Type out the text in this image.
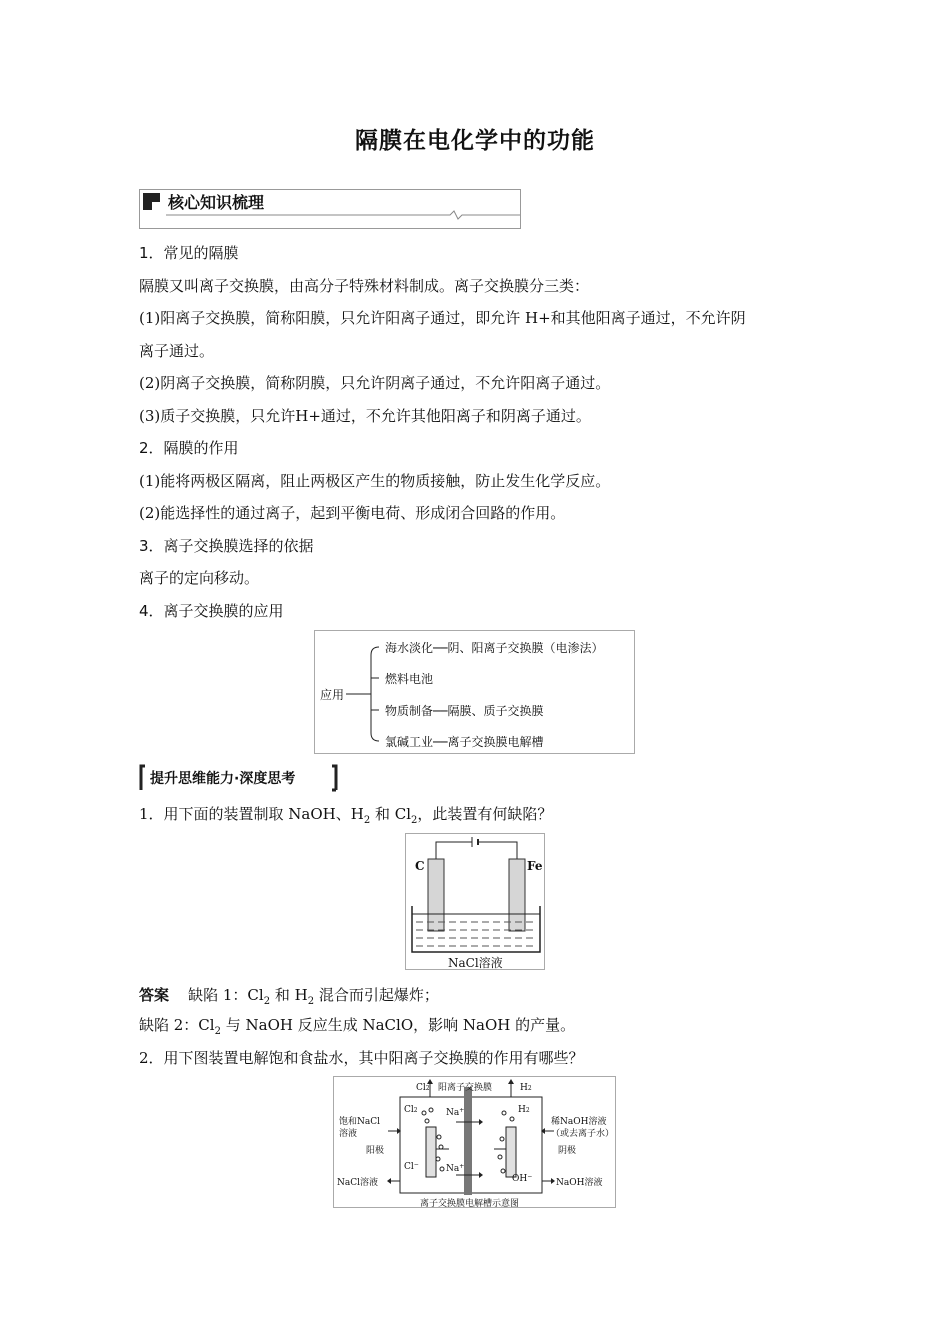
隔膜在电化学中的功能
核心知识梳理
1．常见的隔膜
隔膜又叫离子交换膜，由高分子特殊材料制成。离子交换膜分三类：
(1)阳离子交换膜，简称阳膜，只允许阳离子通过，即允许 H+和其他阳离子通过，不允许阴
离子通过。
(2)阴离子交换膜，简称阴膜，只允许阴离子通过，不允许阳离子通过。
(3)质子交换膜，只允许H+通过，不允许其他阳离子和阴离子通过。
2．隔膜的作用
(1)能将两极区隔离，阻止两极区产生的物质接触，防止发生化学反应。
(2)能选择性的通过离子，起到平衡电荷、形成闭合回路的作用。
3．离子交换膜选择的依据
离子的定向移动。
4．离子交换膜的应用
应用
海水淡化──阴、阳离子交换膜（电渗法）
燃料电池
物质制备──隔膜、质子交换膜
氯碱工业──离子交换膜电解槽
提升思维能力·深度思考
1．用下面的装置制取 NaOH、$H_2$ 和 $Cl_2$，此装置有何缺陷？
C	Fe
NaCl溶液
答案 缺陷 1：$Cl_2$ 和 $H_2$ 混合而引起爆炸；
缺陷 2：$Cl_2$ 与 NaOH 反应生成 NaClO，影响 NaOH 的产量。
2．用下图装置电解饱和食盐水，其中阳离子交换膜的作用有哪些？
Cl2 阳离子交换膜	H2
Cl2	H2
Na+
Na+
Cl−
OH−
饱和NaCl
溶液
稀NaOH溶液
（或去离子水）
阳极	阴极
NaCl溶液	NaOH溶液
离子交换膜电解槽示意图
